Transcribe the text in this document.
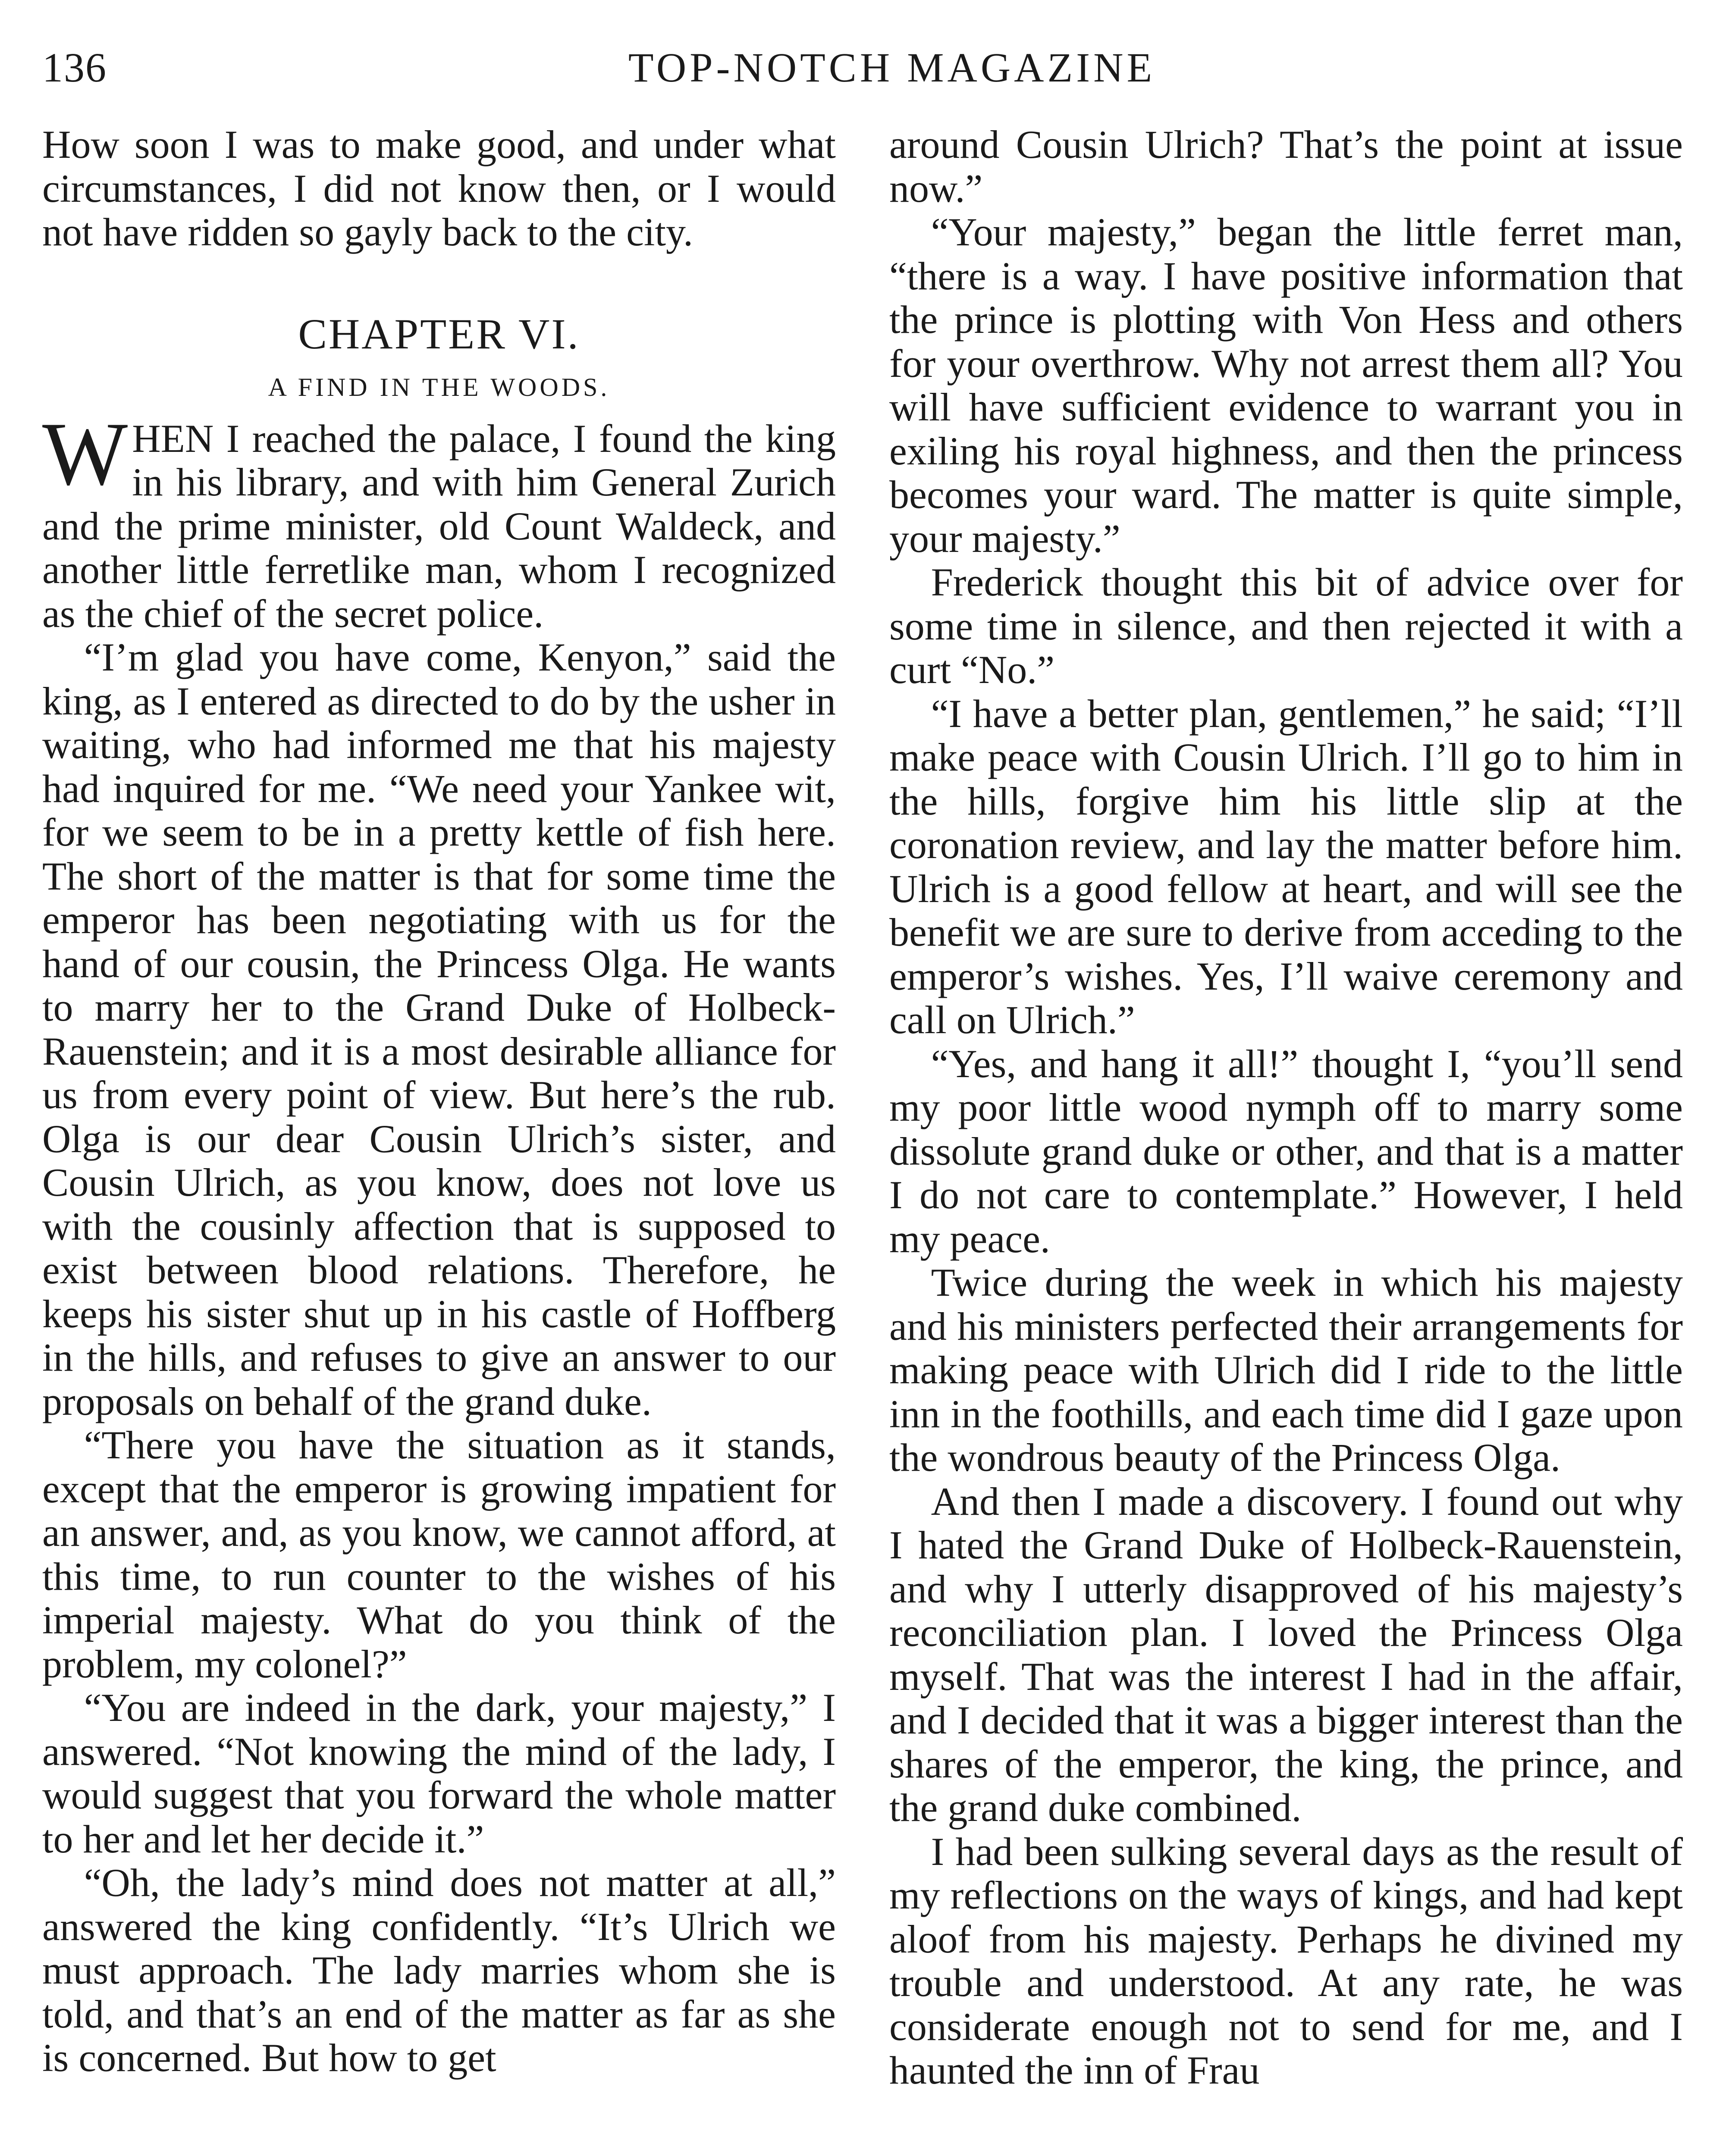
136	TOP-NOTCH MAGAZINE

How soon I was to make good, and under what circumstances, I did not know then, or I would not have ridden so gayly back to the city.

CHAPTER VI.
A FIND IN THE WOODS.

WHEN I reached the palace, I found the king in his library, and with him General Zurich and the prime minister, old Count Waldeck, and another little ferretlike man, whom I recognized as the chief of the secret police.

“I’m glad you have come, Kenyon,” said the king, as I entered as directed to do by the usher in waiting, who had informed me that his majesty had inquired for me. “We need your Yankee wit, for we seem to be in a pretty kettle of fish here. The short of the matter is that for some time the emperor has been negotiating with us for the hand of our cousin, the Princess Olga. He wants to marry her to the Grand Duke of Holbeck-Rauenstein; and it is a most desirable alliance for us from every point of view. But here’s the rub. Olga is our dear Cousin Ulrich’s sister, and Cousin Ulrich, as you know, does not love us with the cousinly affection that is supposed to exist between blood relations. Therefore, he keeps his sister shut up in his castle of Hoffberg in the hills, and refuses to give an answer to our proposals on behalf of the grand duke.

“There you have the situation as it stands, except that the emperor is growing impatient for an answer, and, as you know, we cannot afford, at this time, to run counter to the wishes of his imperial majesty. What do you think of the problem, my colonel?”

“You are indeed in the dark, your majesty,” I answered. “Not knowing the mind of the lady, I would suggest that you forward the whole matter to her and let her decide it.”

“Oh, the lady’s mind does not matter at all,” answered the king confidently. “It’s Ulrich we must approach. The lady marries whom she is told, and that’s an end of the matter as far as she is concerned. But how to get

around Cousin Ulrich? That’s the point at issue now.”

“Your majesty,” began the little ferret man, “there is a way. I have positive information that the prince is plotting with Von Hess and others for your overthrow. Why not arrest them all? You will have sufficient evidence to warrant you in exiling his royal highness, and then the princess becomes your ward. The matter is quite simple, your majesty.”

Frederick thought this bit of advice over for some time in silence, and then rejected it with a curt “No.”

“I have a better plan, gentlemen,” he said; “I’ll make peace with Cousin Ulrich. I’ll go to him in the hills, forgive him his little slip at the coronation review, and lay the matter before him. Ulrich is a good fellow at heart, and will see the benefit we are sure to derive from acceding to the emperor’s wishes. Yes, I’ll waive ceremony and call on Ulrich.”

“Yes, and hang it all!” thought I, “you’ll send my poor little wood nymph off to marry some dissolute grand duke or other, and that is a matter I do not care to contemplate.” However, I held my peace.

Twice during the week in which his majesty and his ministers perfected their arrangements for making peace with Ulrich did I ride to the little inn in the foothills, and each time did I gaze upon the wondrous beauty of the Princess Olga.

And then I made a discovery. I found out why I hated the Grand Duke of Holbeck-Rauenstein, and why I utterly disapproved of his majesty’s reconciliation plan. I loved the Princess Olga myself. That was the interest I had in the affair, and I decided that it was a bigger interest than the shares of the emperor, the king, the prince, and the grand duke combined.

I had been sulking several days as the result of my reflections on the ways of kings, and had kept aloof from his majesty. Perhaps he divined my trouble and understood. At any rate, he was considerate enough not to send for me, and I haunted the inn of Frau
